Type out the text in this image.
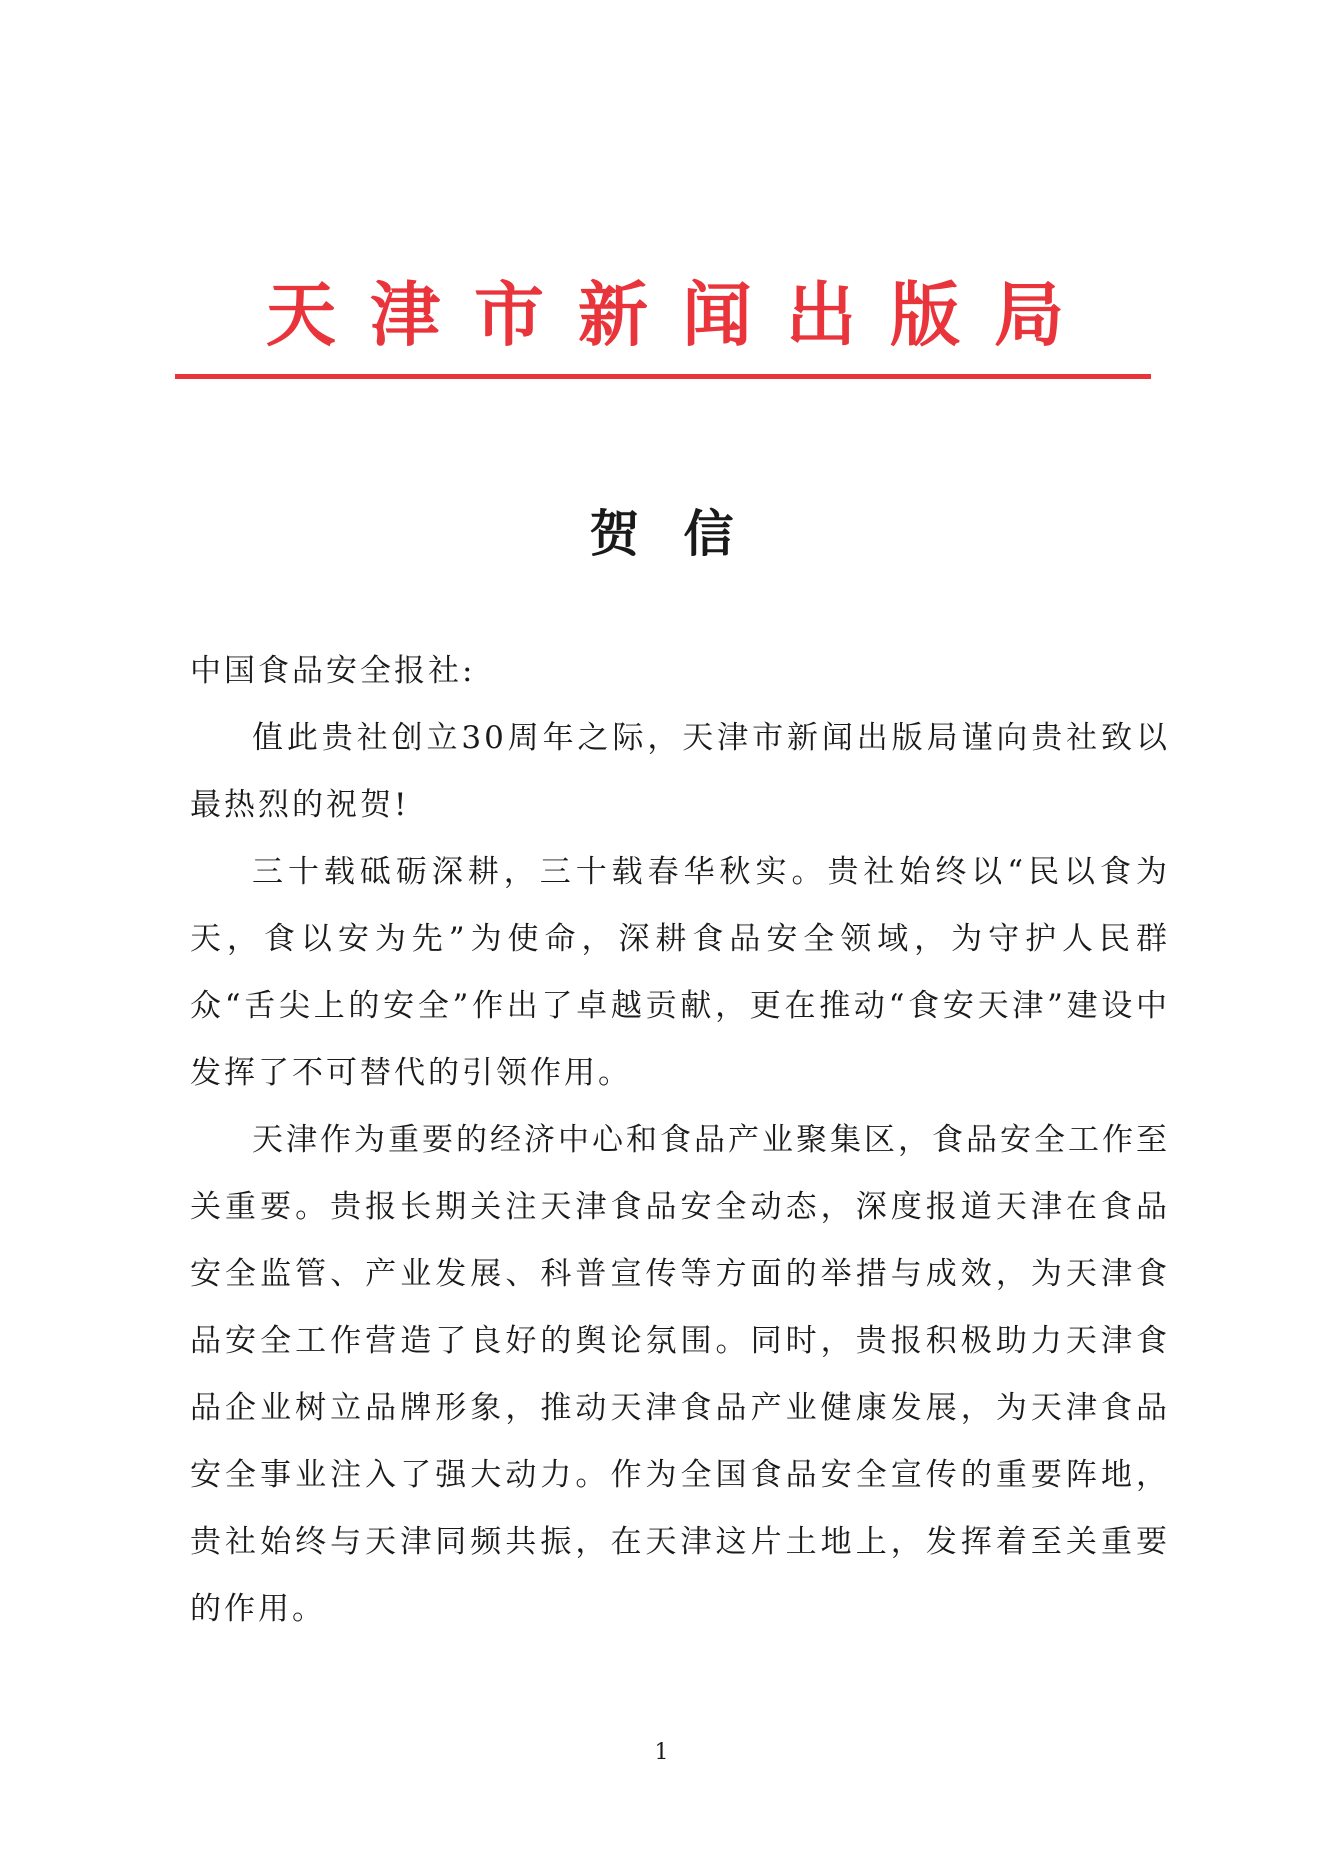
天津市新闻出版局
贺信

中国食品安全报社:

值此贵社创立30周年之际，天津市新闻出版局谨向贵社致以最热烈的祝贺!

三十载砥砺深耕，三十载春华秋实。贵社始终以“民以食为天，食以安为先”为使命，深耕食品安全领域，为守护人民群众“舌尖上的安全”作出了卓越贡献，更在推动“食安天津”建设中发挥了不可替代的引领作用。

天津作为重要的经济中心和食品产业聚集区，食品安全工作至关重要。贵报长期关注天津食品安全动态，深度报道天津在食品安全监管、产业发展、科普宣传等方面的举措与成效，为天津食品安全工作营造了良好的舆论氛围。同时，贵报积极助力天津食品企业树立品牌形象，推动天津食品产业健康发展，为天津食品安全事业注入了强大动力。作为全国食品安全宣传的重要阵地，贵社始终与天津同频共振，在天津这片土地上，发挥着至关重要的作用。

1
